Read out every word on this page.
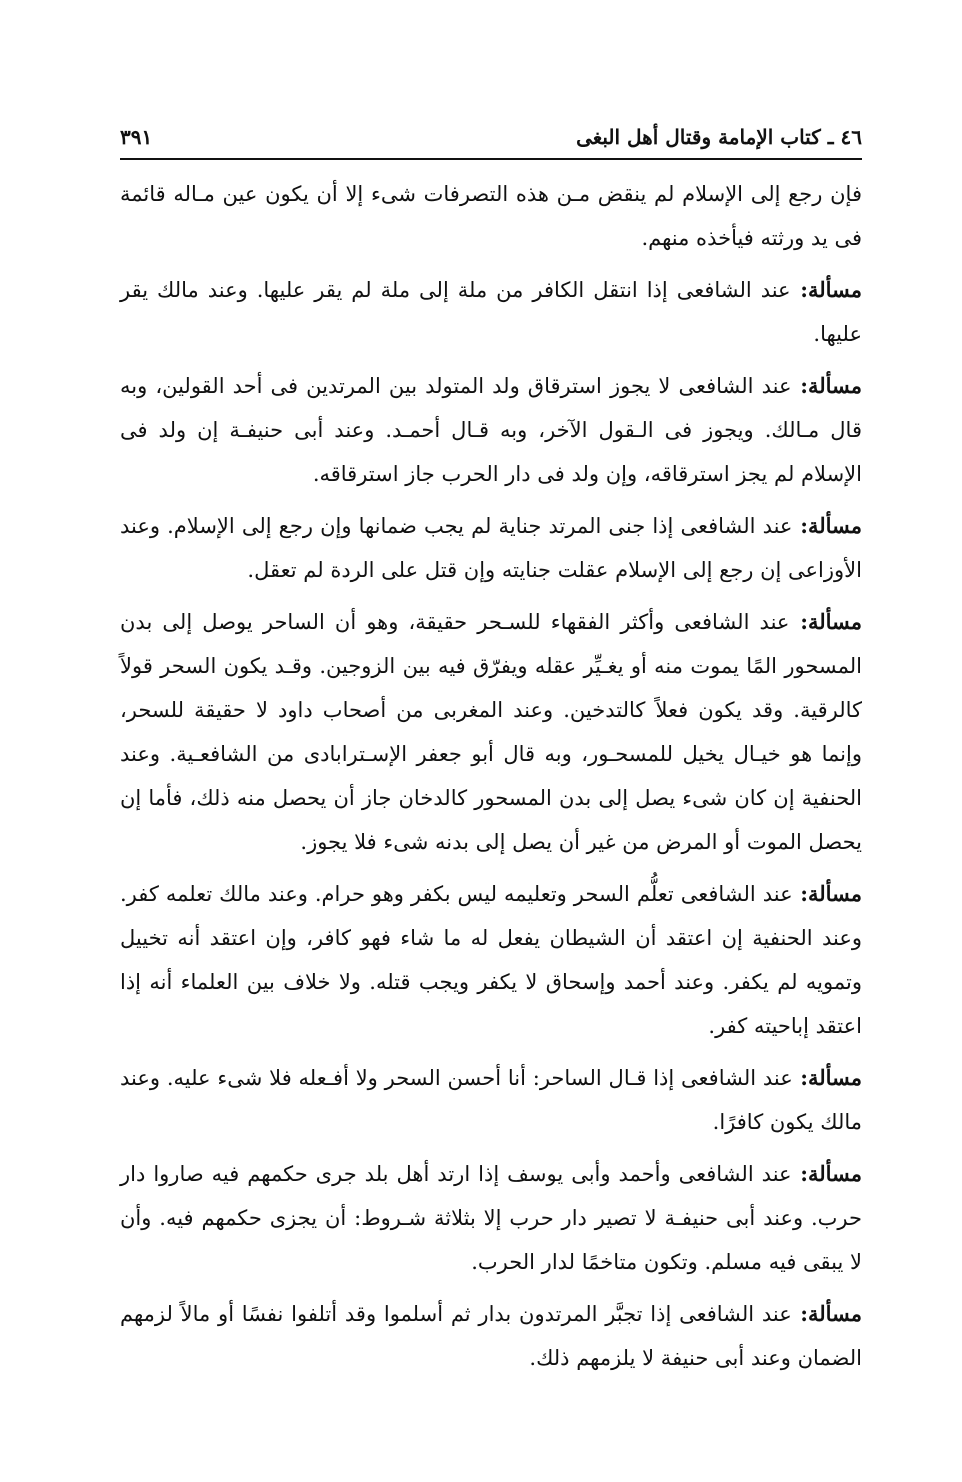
٤٦ ـ كتاب الإمامة وقتال أهل البغى
٣٩١

فإن رجع إلى الإسلام لم ينقض مـن هذه التصرفات شىء إلا أن يكون عين مـاله قائمة فى يد ورثته فيأخذه منهم.

مسألة:عند الشافعى إذا انتقل الكافر من ملة إلى ملة لم يقر عليها. وعند مالك يقر عليها.

مسألة:عند الشافعى لا يجوز استرقاق ولد المتولد بين المرتدين فى أحد القولين، وبه قال مـالك. ويجوز فى الـقول الآخر، وبه قـال أحمـد. وعند أبى حنيفـة إن ولد فى الإسلام لم يجز استرقاقه، وإن ولد فى دار الحرب جاز استرقاقه.

مسألة:عند الشافعى إذا جنى المرتد جناية لم يجب ضمانها وإن رجع إلى الإسلام. وعند الأوزاعى إن رجع إلى الإسلام عقلت جنايته وإن قتل على الردة لم تعقل.

مسألة:عند الشافعى وأكثر الفقهاء للسـحر حقيقة، وهو أن الساحر يوصل إلى بدن المسحور المًا يموت منه أو يغـيِّر عقله ويفرّق فيه بين الزوجين. وقـد يكون السحر قولاً كالرقية. وقد يكون فعلاً كالتدخين. وعند المغربى من أصحاب داود لا حقيقة للسحر، وإنما هو خيـال يخيل للمسحـور، وبه قال أبو جعفر الإسـترابادى من الشافعـية. وعند الحنفية إن كان شىء يصل إلى بدن المسحور كالدخان جاز أن يحصل منه ذلك، فأما إن يحصل الموت أو المرض من غير أن يصل إلى بدنه شىء فلا يجوز.

مسألة:عند الشافعى تعلُّم السحر وتعليمه ليس بكفر وهو حرام. وعند مالك تعلمه كفر. وعند الحنفية إن اعتقد أن الشيطان يفعل له ما شاء فهو كافر، وإن اعتقد أنه تخييل وتمويه لم يكفر. وعند أحمد وإسحاق لا يكفر ويجب قتله. ولا خلاف بين العلماء أنه إذا اعتقد إباحيته كفر.

مسألة:عند الشافعى إذا قـال الساحر: أنا أحسن السحر ولا أفـعله فلا شىء عليه. وعند مالك يكون كافرًا.

مسألة:عند الشافعى وأحمد وأبى يوسف إذا ارتد أهل بلد جرى حكمهم فيه صاروا دار حرب. وعند أبى حنيفـة لا تصير دار حرب إلا بثلاثة شـروط: أن يجزى حكمهم فيه. وأن لا يبقى فيه مسلم. وتكون متاخمًا لدار الحرب.

مسألة:عند الشافعى إذا تجبَّر المرتدون بدار ثم أسلموا وقد أتلفوا نفسًا أو مالاً لزمهم الضمان وعند أبى حنيفة لا يلزمهم ذلك.
